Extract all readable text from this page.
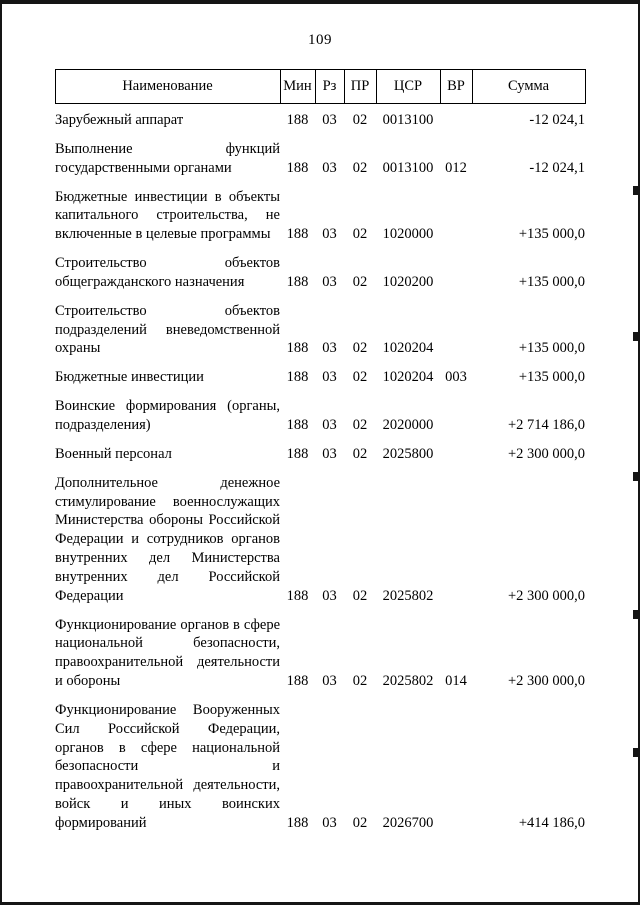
109
Наименование	Мин	Рз	ПР	ЦСР	ВР	Сумма
Зарубежный аппарат	188	03	02	0013100		-12 024,1
Выполнение функций государственными органами	188	03	02	0013100	012	-12 024,1
Бюджетные инвестиции в объекты капитального строительства, не включенные в целевые программы	188	03	02	1020000		+135 000,0
Строительство объектов общегражданского назначения	188	03	02	1020200		+135 000,0
Строительство объектов подразделений вневедомственной охраны	188	03	02	1020204		+135 000,0
Бюджетные инвестиции	188	03	02	1020204	003	+135 000,0
Воинские формирования (органы, подразделения)	188	03	02	2020000		+2 714 186,0
Военный персонал	188	03	02	2025800		+2 300 000,0
Дополнительное денежное стимулирование военнослужащих Министерства обороны Российской Федерации и сотрудников органов внутренних дел Министерства внутренних дел Российской Федерации	188	03	02	2025802		+2 300 000,0
Функционирование органов в сфере национальной безопасности, правоохранительной деятельности и обороны	188	03	02	2025802	014	+2 300 000,0
Функционирование Вооруженных Сил Российской Федерации, органов в сфере национальной безопасности и правоохранительной деятельности, войск и иных воинских формирований	188	03	02	2026700		+414 186,0
